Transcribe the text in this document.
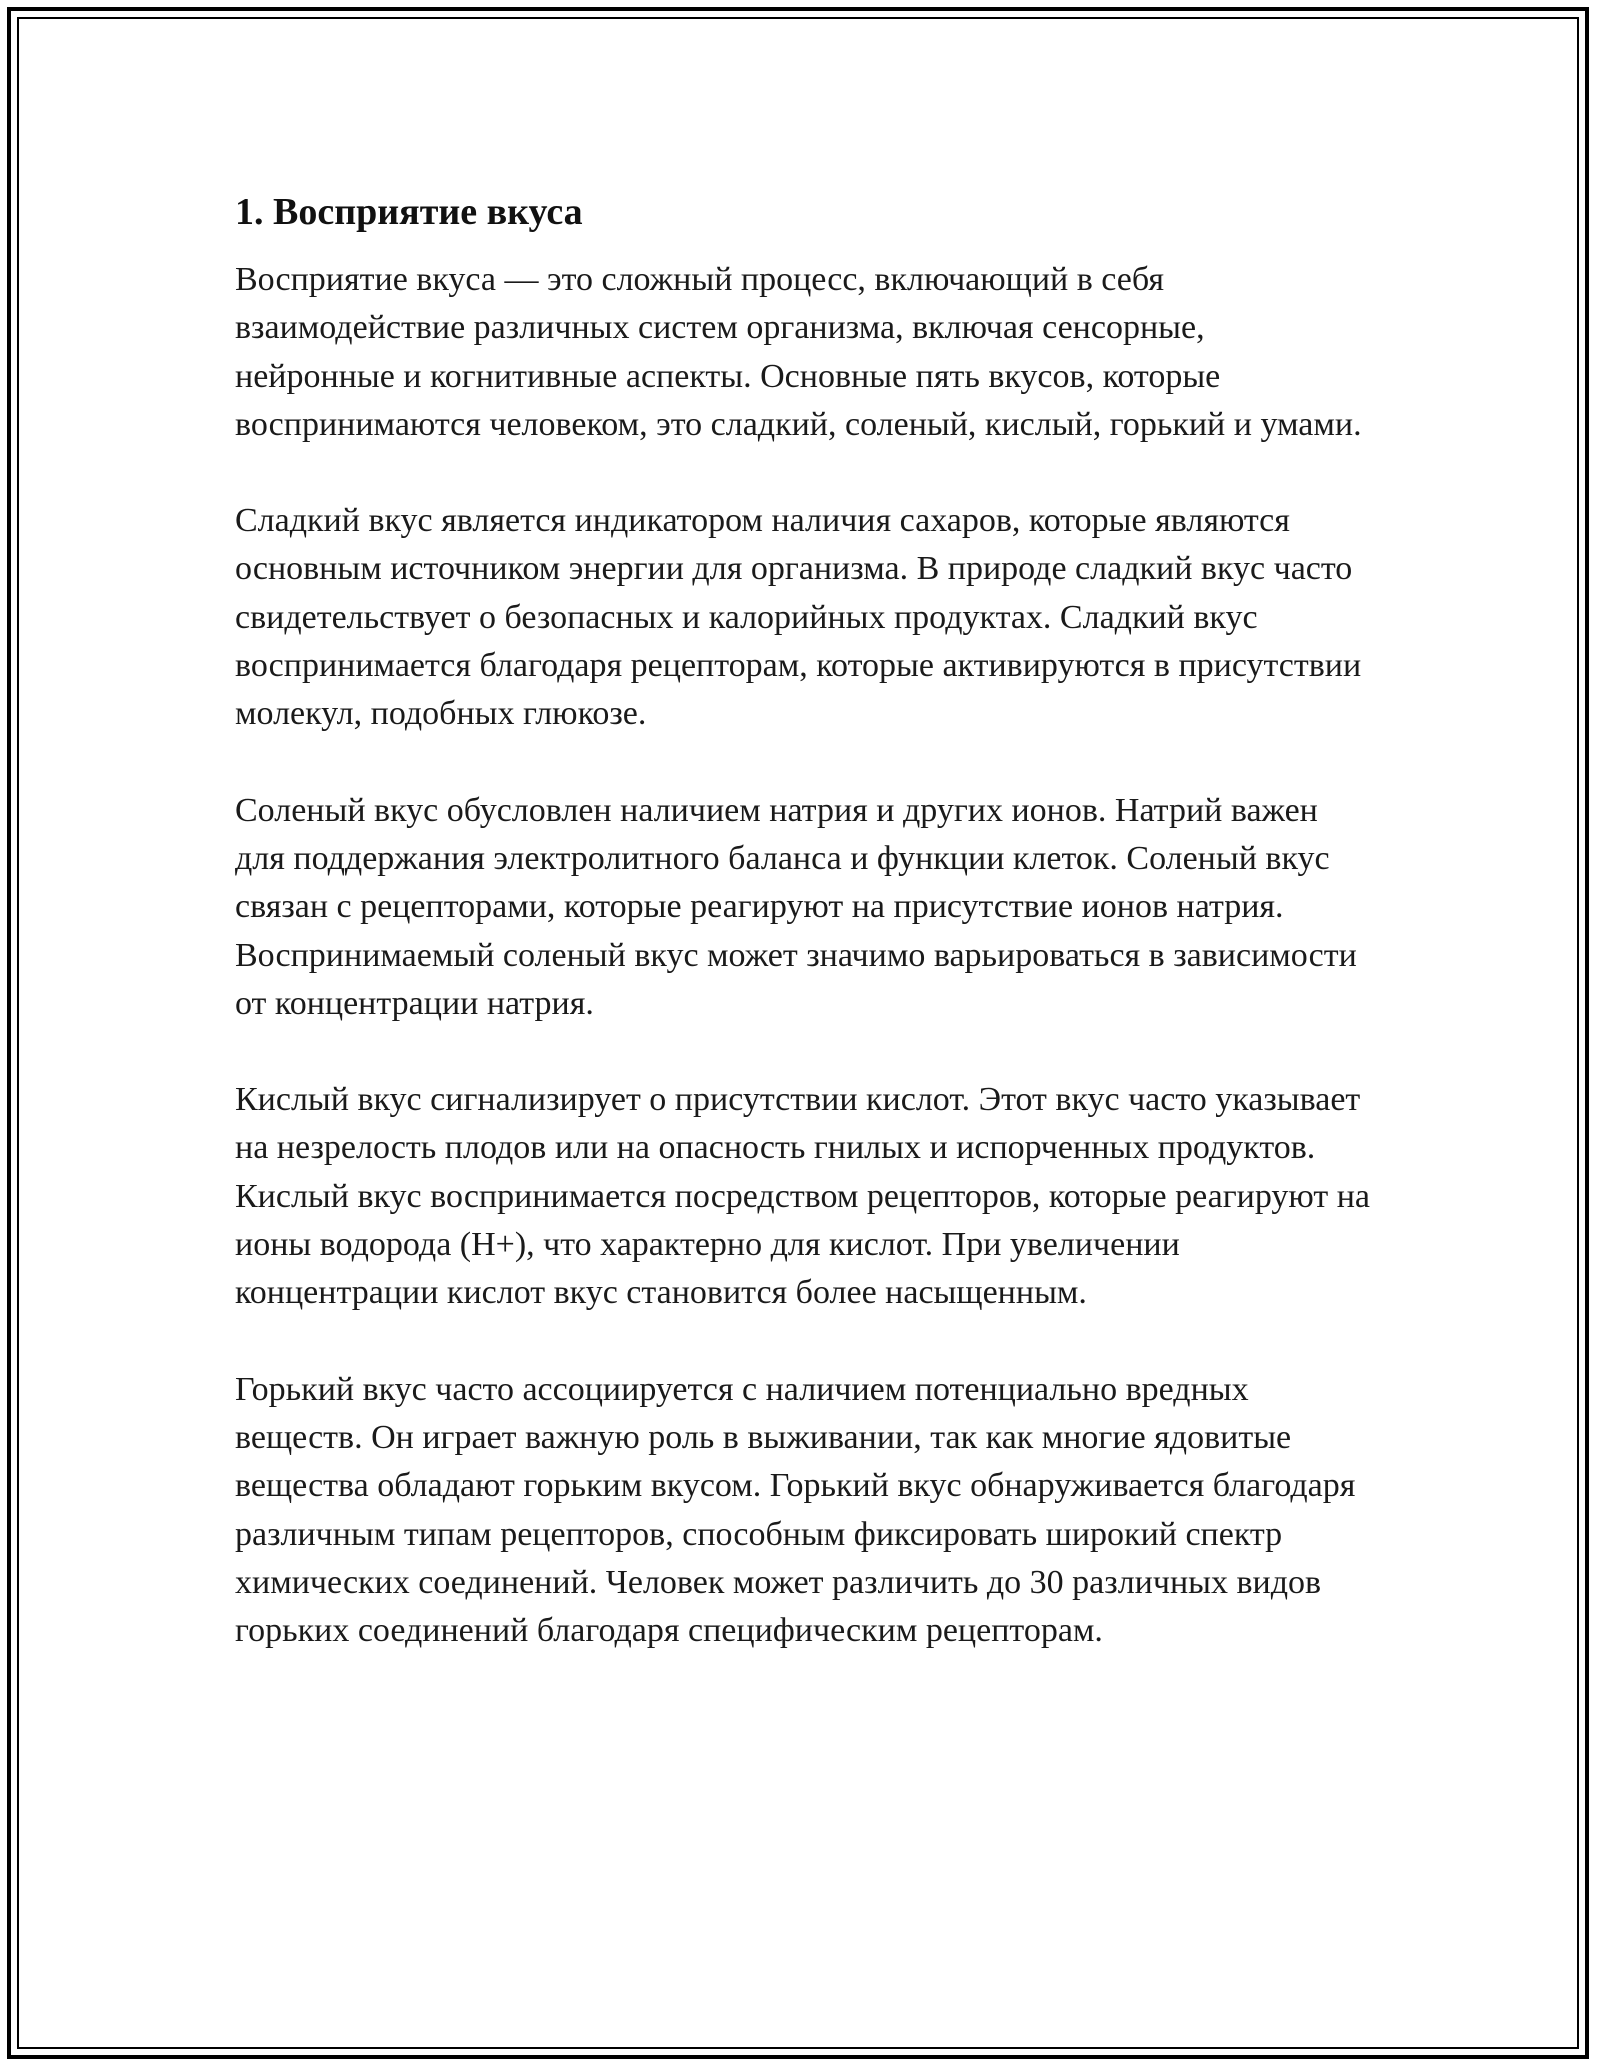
1. Восприятие вкуса

Восприятие вкуса — это сложный процесс, включающий в себя взаимодействие различных систем организма, включая сенсорные, нейронные и когнитивные аспекты. Основные пять вкусов, которые воспринимаются человеком, это сладкий, соленый, кислый, горький и умами.

Сладкий вкус является индикатором наличия сахаров, которые являются основным источником энергии для организма. В природе сладкий вкус часто свидетельствует о безопасных и калорийных продуктах. Сладкий вкус воспринимается благодаря рецепторам, которые активируются в присутствии молекул, подобных глюкозе.

Соленый вкус обусловлен наличием натрия и других ионов. Натрий важен для поддержания электролитного баланса и функции клеток. Соленый вкус связан с рецепторами, которые реагируют на присутствие ионов натрия. Воспринимаемый соленый вкус может значимо варьироваться в зависимости от концентрации натрия.

Кислый вкус сигнализирует о присутствии кислот. Этот вкус часто указывает на незрелость плодов или на опасность гнилых и испорченных продуктов. Кислый вкус воспринимается посредством рецепторов, которые реагируют на ионы водорода (H+), что характерно для кислот. При увеличении концентрации кислот вкус становится более насыщенным.

Горький вкус часто ассоциируется с наличием потенциально вредных веществ. Он играет важную роль в выживании, так как многие ядовитые вещества обладают горьким вкусом. Горький вкус обнаруживается благодаря различным типам рецепторов, способным фиксировать широкий спектр химических соединений. Человек может различить до 30 различных видов горьких соединений благодаря специфическим рецепторам.
